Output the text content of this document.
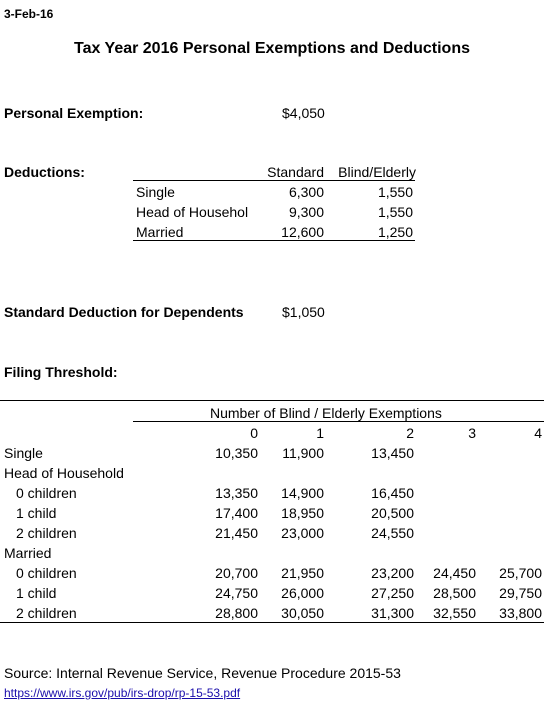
3-Feb-16
Tax Year 2016 Personal Exemptions and Deductions
Personal Exemption:	$4,050
Deductions:	Standard	Blind/Elderly
Single	6,300	1,550
Head of Househol	9,300	1,550
Married	12,600	1,250
Standard Deduction for Dependents	$1,050
Filing Threshold:
Number of Blind / Elderly Exemptions
0	1	2	3	4
Single	10,350	11,900	13,450
Head of Household
0 children	13,350	14,900	16,450
1 child	17,400	18,950	20,500
2 children	21,450	23,000	24,550
Married
0 children	20,700	21,950	23,200	24,450	25,700
1 child	24,750	26,000	27,250	28,500	29,750
2 children	28,800	30,050	31,300	32,550	33,800
Source: Internal Revenue Service, Revenue Procedure 2015-53
https://www.irs.gov/pub/irs-drop/rp-15-53.pdf
